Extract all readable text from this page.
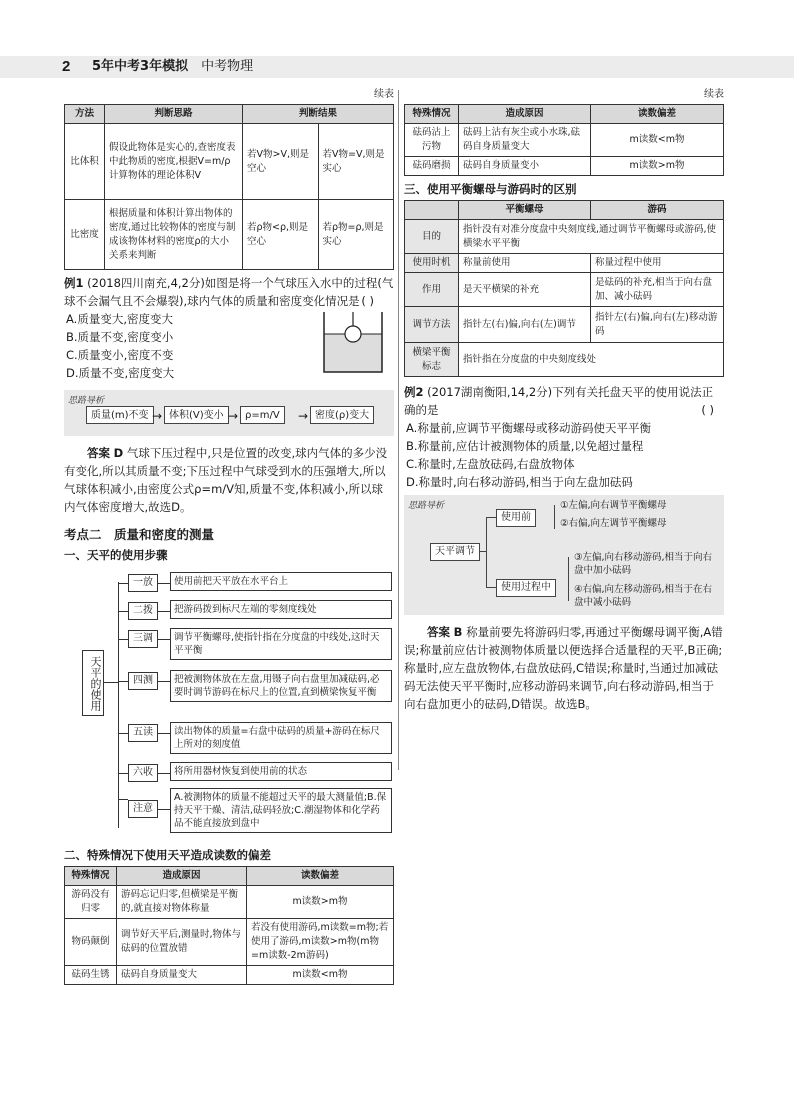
2 5年中考3年模拟　 中考物理
续表
方法	判断思路	判断结果	
比体积	假设此物体是实心的,查密度表中此物质的密度,根据V=m/ρ计算物体的理论体积V	若V物>V,则是空心	若V物=V,则是实心
比密度	根据质量和体积计算出物体的密度,通过比较物体的密度与制成该物体材料的密度ρ的大小关系来判断	若ρ物<ρ,则是空心	若ρ物=ρ,则是实心
例1 (2018四川南充,4,2分)如图是将一个气球压入水中的过程(气球不会漏气且不会爆裂),球内气体的质量和密度变化情况是 ( )
A.质量变大,密度变大
B.质量不变,密度变小
C.质量变小,密度不变
D.质量不变,密度变大
思路导析
质量(m)不变 → 体积(V)变小 → ρ=m/V	→ 密度(ρ)变大
答案 D 气球下压过程中,只是位置的改变,球内气体的多少没有变化,所以其质量不变;下压过程中气球受到水的压强增大,所以气球体积减小,由密度公式ρ=m/V知,质量不变,体积减小,所以球内气体密度增大,故选D。
考点二　质量和密度的测量
一、天平的使用步骤
天平的使用
一放	使用前把天平放在水平台上
二拨	把游码拨到标尺左端的零刻度线处
三调	调节平衡螺母,使指针指在分度盘的中线处,这时天平平衡
四测	把被测物体放在左盘,用镊子向右盘里加减砝码,必要时调节游码在标尺上的位置,直到横梁恢复平衡
五读	读出物体的质量=右盘中砝码的质量+游码在标尺上所对的刻度值
六收	将所用器材恢复到使用前的状态
注意
A.被测物体的质量不能超过天平的最大测量值;B.保持天平干燥、清洁,砝码轻放;C.潮湿物体和化学药品不能直接放到盘中
二、特殊情况下使用天平造成读数的偏差
特殊情况	造成原因	读数偏差
游码没有归零	游码忘记归零,但横梁是平衡的,就直接对物体称量	m读数>m物
物码颠倒	调节好天平后,测量时,物体与砝码的位置放错	若没有使用游码,m读数=m物;若使用了游码,m读数>m物(m物=m读数-2m游码)
砝码生锈	砝码自身质量变大	m读数<m物
续表
特殊情况	造成原因	读数偏差
砝码沾上污物	砝码上沾有灰尘或小水珠,砝码自身质量变大	m读数<m物
砝码磨损	砝码自身质量变小	m读数>m物
三、使用平衡螺母与游码时的区别
	平衡螺母	游码
目的	指针没有对准分度盘中央刻度线,通过调节平衡螺母或游码,使横梁水平平衡	
使用时机	称量前使用	称量过程中使用
作用	是天平横梁的补充	是砝码的补充,相当于向右盘加、减小砝码
调节方法	指针左(右)偏,向右(左)调节	指针左(右)偏,向右(左)移动游码
横梁平衡标志	指针指在分度盘的中央刻度线处	
例2 (2017湖南衡阳,14,2分)下列有关托盘天平的使用说法正确的是	( )
A.称量前,应调节平衡螺母或移动游码使天平平衡
B.称量前,应估计被测物体的质量,以免超过量程
C.称量时,左盘放砝码,右盘放物体
D.称量时,向右移动游码,相当于向左盘加砝码
思路导析
天平调节
使用前
使用过程中
①左偏,向右调节平衡螺母
②右偏,向左调节平衡螺母
③左偏,向右移动游码,相当于向右盘中加小砝码
④右偏,向左移动游码,相当于在右盘中减小砝码
答案 B 称量前要先将游码归零,再通过平衡螺母调平衡,A错误;称量前应估计被测物体质量以便选择合适量程的天平,B正确;称量时,应左盘放物体,右盘放砝码,C错误;称量时,当通过加减砝码无法使天平平衡时,应移动游码来调节,向右移动游码,相当于向右盘加更小的砝码,D错误。故选B。
